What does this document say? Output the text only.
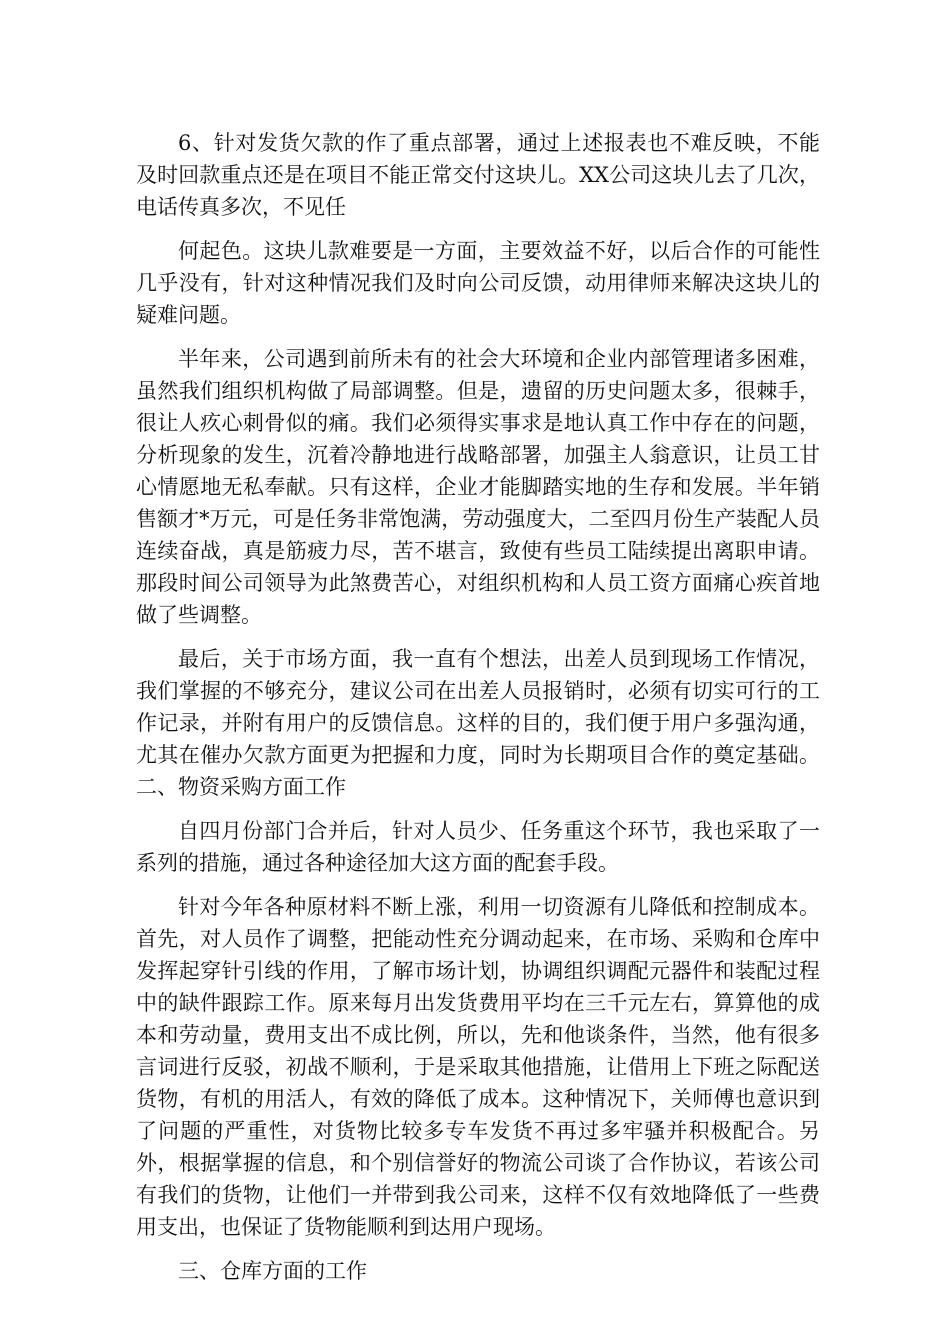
6、针对发货欠款的作了重点部署，通过上述报表也不难反映，不能及时回款重点还是在项目不能正常交付这块儿。XX公司这块儿去了几次，电话传真多次，不见任

何起色。这块儿款难要是一方面，主要效益不好，以后合作的可能性几乎没有，针对这种情况我们及时向公司反馈，动用律师来解决这块儿的疑难问题。

半年来，公司遇到前所未有的社会大环境和企业内部管理诸多困难，虽然我们组织机构做了局部调整。但是，遗留的历史问题太多，很棘手，很让人疚心刺骨似的痛。我们必须得实事求是地认真工作中存在的问题，分析现象的发生，沉着冷静地进行战略部署，加强主人翁意识，让员工甘心情愿地无私奉献。只有这样，企业才能脚踏实地的生存和发展。半年销售额才*万元，可是任务非常饱满，劳动强度大，二至四月份生产装配人员连续奋战，真是筋疲力尽，苦不堪言，致使有些员工陆续提出离职申请。那段时间公司领导为此煞费苦心，对组织机构和人员工资方面痛心疾首地做了些调整。

最后，关于市场方面，我一直有个想法，出差人员到现场工作情况，我们掌握的不够充分，建议公司在出差人员报销时，必须有切实可行的工作记录，并附有用户的反馈信息。这样的目的，我们便于用户多强沟通，尤其在催办欠款方面更为把握和力度，同时为长期项目合作的奠定基础。二、物资采购方面工作

自四月份部门合并后，针对人员少、任务重这个环节，我也采取了一系列的措施，通过各种途径加大这方面的配套手段。

针对今年各种原材料不断上涨，利用一切资源有儿降低和控制成本。首先，对人员作了调整，把能动性充分调动起来，在市场、采购和仓库中发挥起穿针引线的作用，了解市场计划，协调组织调配元器件和装配过程中的缺件跟踪工作。原来每月出发货费用平均在三千元左右，算算他的成本和劳动量，费用支出不成比例，所以，先和他谈条件，当然，他有很多言词进行反驳，初战不顺利，于是采取其他措施，让借用上下班之际配送货物，有机的用活人，有效的降低了成本。这种情况下，关师傅也意识到了问题的严重性，对货物比较多专车发货不再过多牢骚并积极配合。另外，根据掌握的信息，和个别信誉好的物流公司谈了合作协议，若该公司有我们的货物，让他们一并带到我公司来，这样不仅有效地降低了一些费用支出，也保证了货物能顺利到达用户现场。

三、仓库方面的工作
